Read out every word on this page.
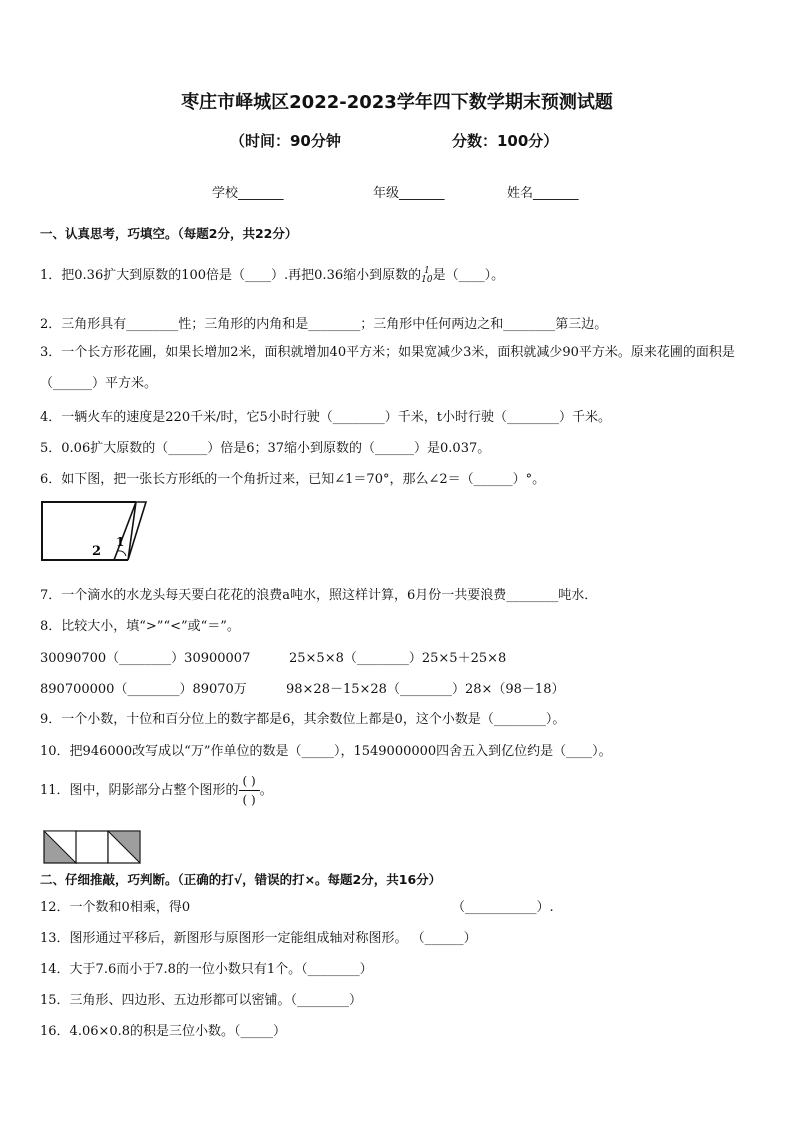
枣庄市峄城区2022-2023学年四下数学期末预测试题
（时间：90分钟	分数：100分）
学校_______	年级_______	姓名_______
一、认真思考，巧填空。（每题2分，共22分）
1．把0.36扩大到原数的100倍是（____）.再把0.36缩小到原数的 1
10 是（____）。
2．三角形具有________性；三角形的内角和是________；三角形中任何两边之和________第三边。
3．一个长方形花圃，如果长增加2米，面积就增加40平方米；如果宽减少3米，面积就减少90平方米。原来花圃的面积是（______）平方米。
4．一辆火车的速度是220千米/时，它5小时行驶（________）千米，t小时行驶（________）千米。
5．0.06扩大原数的（______）倍是6；37缩小到原数的（______）是0.037。
6．如下图，把一张长方形纸的一个角折过来，已知∠1＝70°，那么∠2＝（______）°。
1
2
7．一个滴水的水龙头每天要白花花的浪费a吨水，照这样计算，6月份一共要浪费________吨水．
8．比较大小，填“>”“<”或“＝”。
30090700（________）30900007	25×5×8（________）25×5＋25×8
890700000（________）89070万	98×28－15×28（________）28×（98－18）
9．一个小数，十位和百分位上的数字都是6，其余数位上都是0，这个小数是（________）。
10．把946000改写成以“万”作单位的数是（_____），1549000000四舍五入到亿位约是（____）。
11．图中，阴影部分占整个图形的 $\frac{( )}{( )}$ 。
二、仔细推敲，巧判断。（正确的打√，错误的打×。每题2分，共16分）
12．一个数和0相乘，得0	（___________）.
13．图形通过平移后，新图形与原图形一定能组成轴对称图形。 （______）
14．大于7.6而小于7.8的一位小数只有1个。（________）
15．三角形、四边形、五边形都可以密铺。（________）
16．4.06×0.8的积是三位小数。（_____）
